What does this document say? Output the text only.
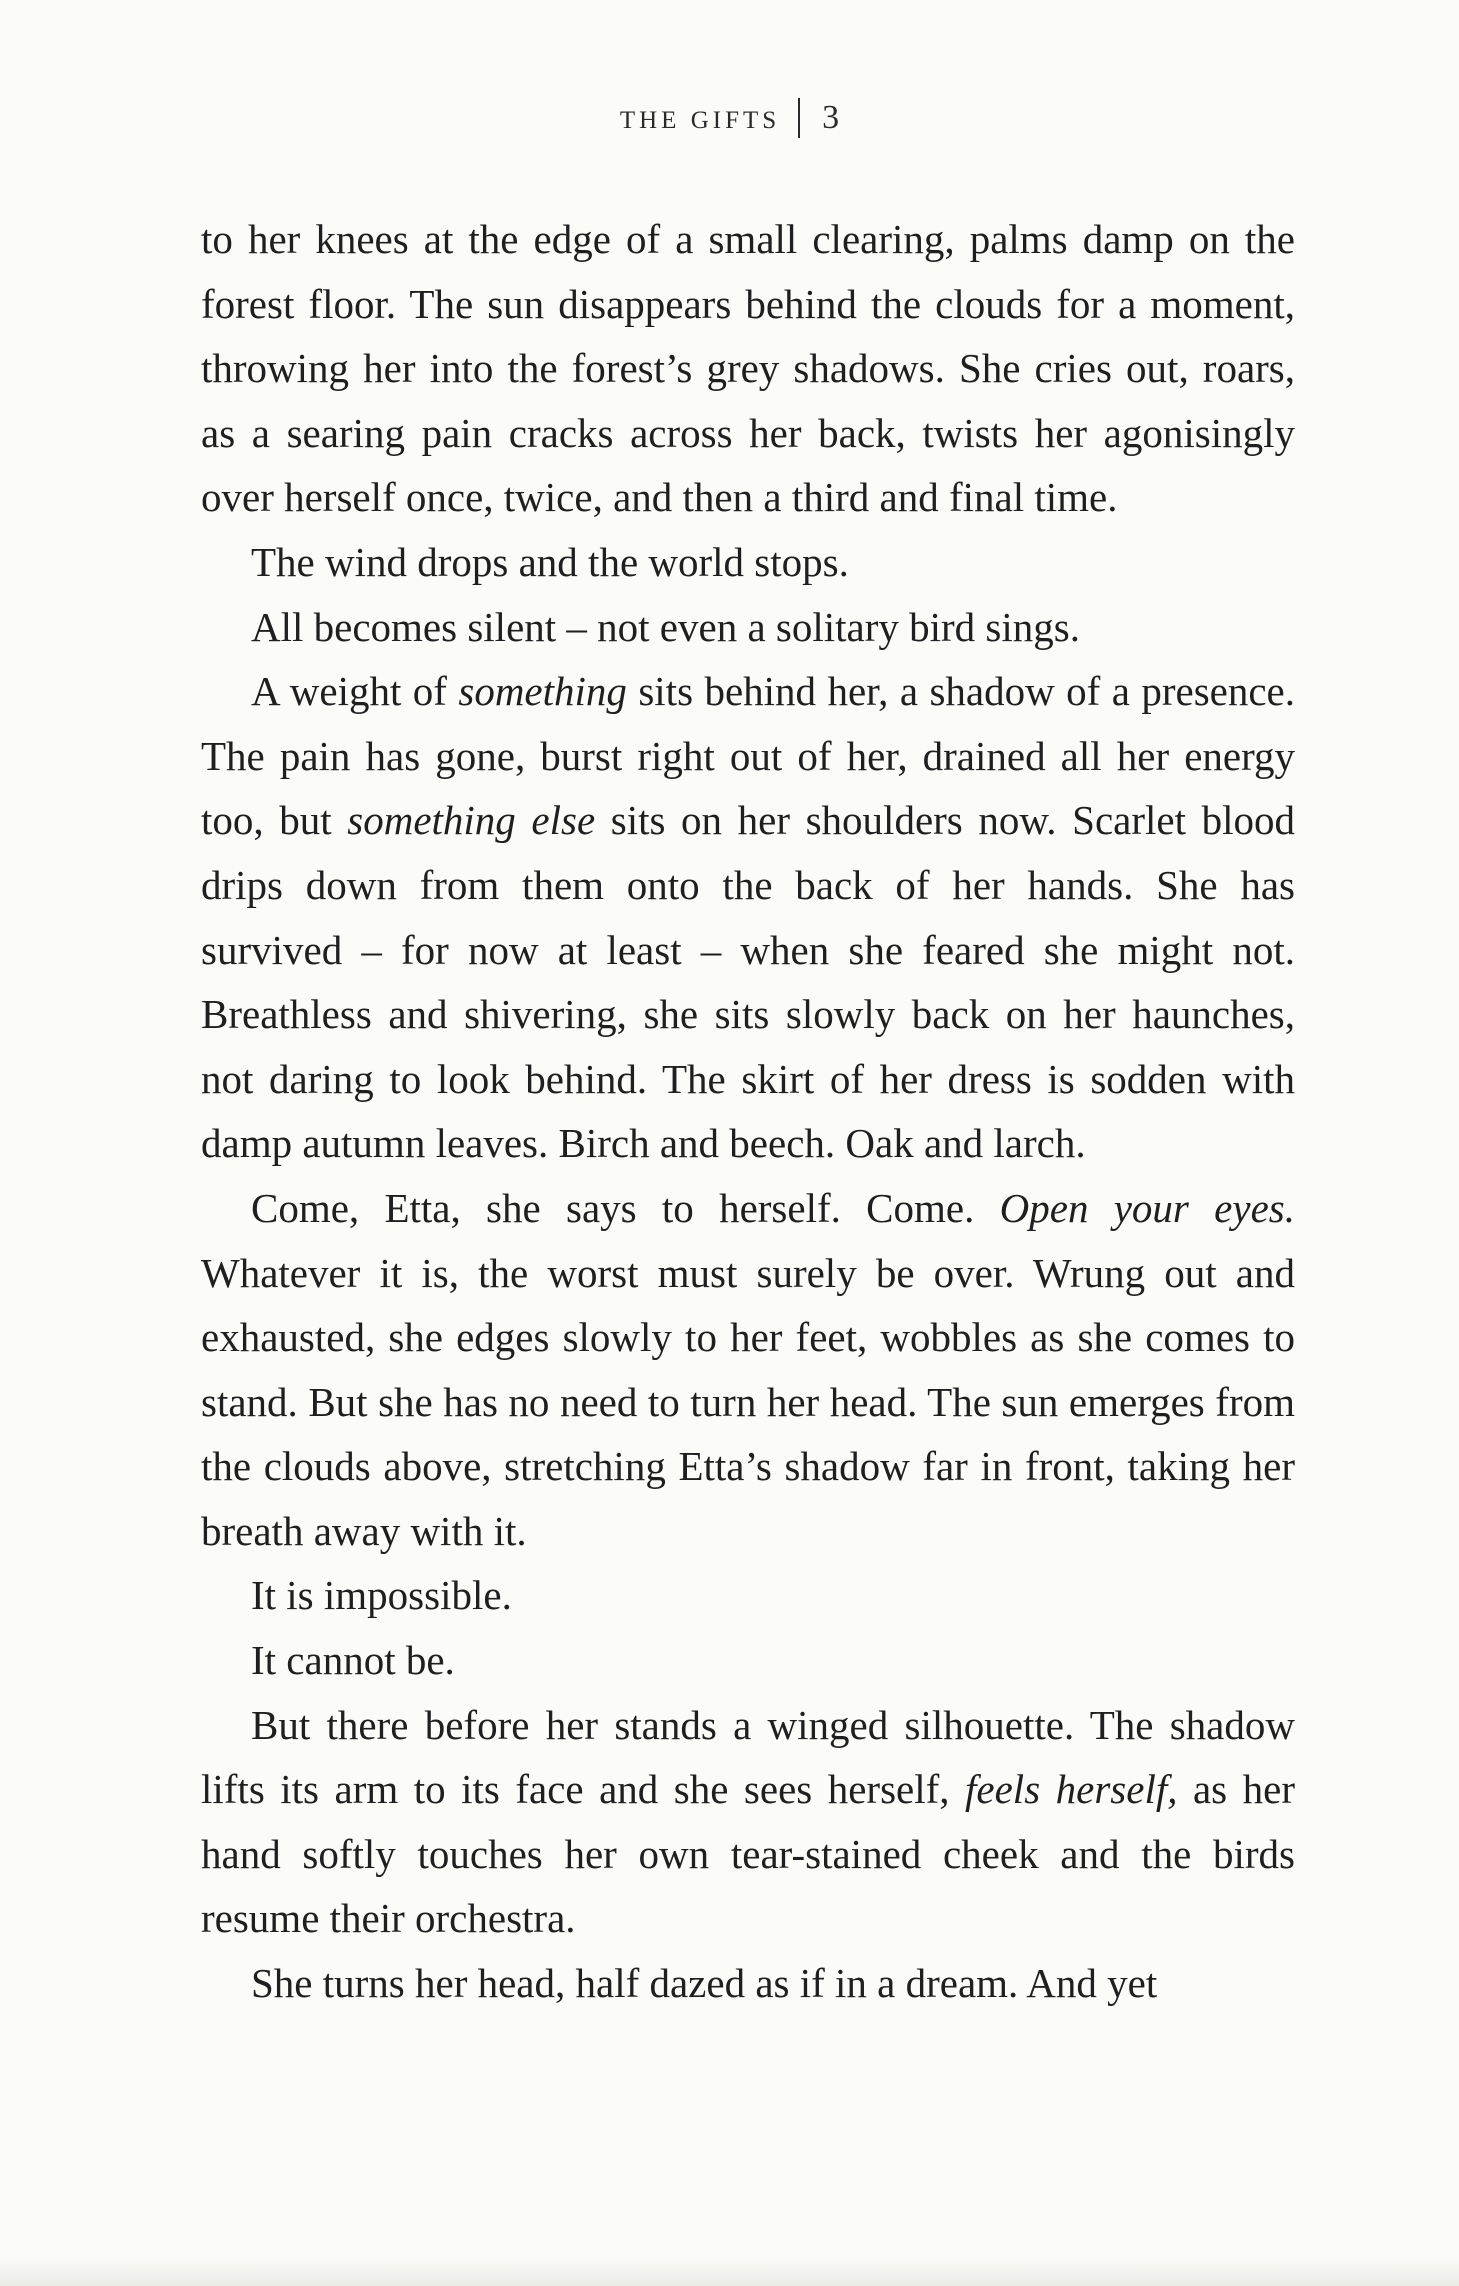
THE GIFTS 3

to her knees at the edge of a small clearing, palms damp on the forest floor. The sun disappears behind the clouds for a moment, throwing her into the forest’s grey shadows. She cries out, roars, as a searing pain cracks across her back, twists her agonisingly over herself once, twice, and then a third and final time.

The wind drops and the world stops.

All becomes silent – not even a solitary bird sings.

A weight of something sits behind her, a shadow of a presence. The pain has gone, burst right out of her, drained all her energy too, but something else sits on her shoulders now. Scarlet blood drips down from them onto the back of her hands. She has survived – for now at least – when she feared she might not. Breathless and shivering, she sits slowly back on her haunches, not daring to look behind. The skirt of her dress is sodden with damp autumn leaves. Birch and beech. Oak and larch.

Come, Etta, she says to herself. Come. Open your eyes. Whatever it is, the worst must surely be over. Wrung out and exhausted, she edges slowly to her feet, wobbles as she comes to stand. But she has no need to turn her head. The sun emerges from the clouds above, stretching Etta’s shadow far in front, taking her breath away with it.

It is impossible.

It cannot be.

But there before her stands a winged silhouette. The shadow lifts its arm to its face and she sees herself, feels herself, as her hand softly touches her own tear-stained cheek and the birds resume their orchestra.

She turns her head, half dazed as if in a dream. And yet
